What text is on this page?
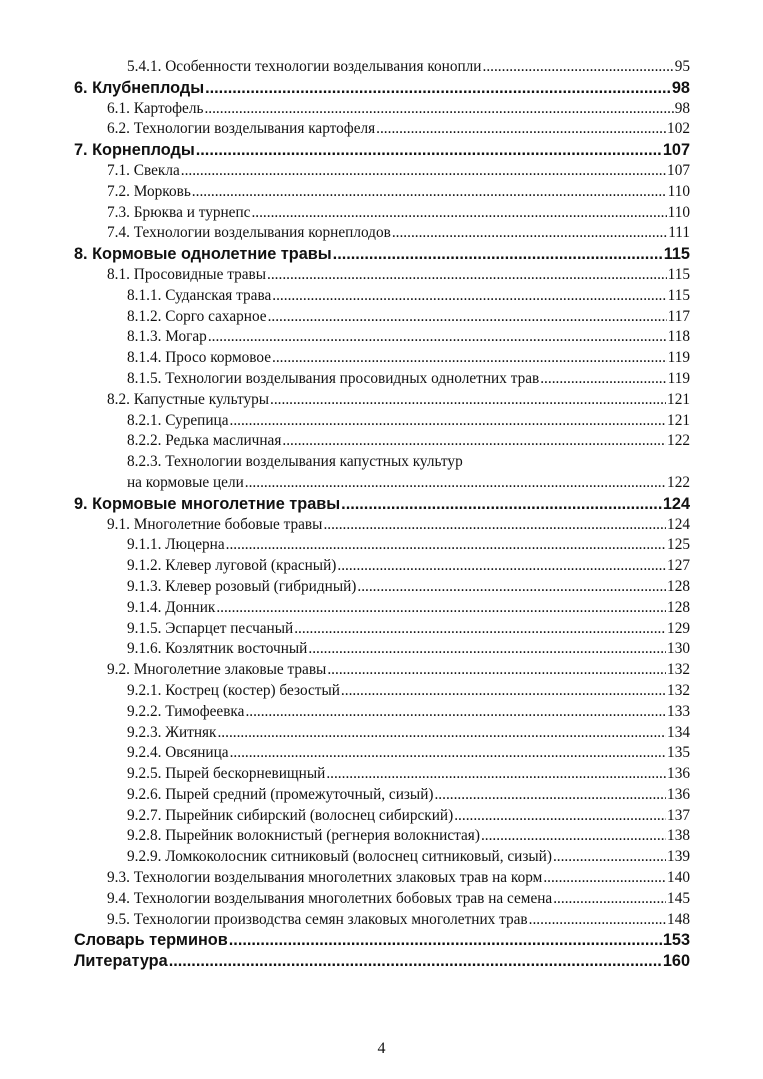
5.4.1. Особенности технологии возделывания конопли .....	95
6. Клубнеплоды .....	98
6.1. Картофель .....	98
6.2. Технологии возделывания картофеля .....	102
7. Корнеплоды .....	107
7.1. Свекла .....	107
7.2. Морковь .....	110
7.3. Брюква и турнепс .....	110
7.4. Технологии возделывания корнеплодов .....	111
8. Кормовые однолетние травы .....	115
8.1. Просовидные травы .....	115
8.1.1. Суданская трава .....	115
8.1.2. Сорго сахарное .....	117
8.1.3. Могар .....	118
8.1.4. Просо кормовое .....	119
8.1.5. Технологии возделывания просовидных однолетних трав .....	119
8.2. Капустные культуры .....	121
8.2.1. Сурепица .....	121
8.2.2. Редька масличная .....	122
8.2.3. Технологии возделывания капустных культур
на кормовые цели .....	122
9. Кормовые многолетние травы .....	124
9.1. Многолетние бобовые травы .....	124
9.1.1. Люцерна .....	125
9.1.2. Клевер луговой (красный) .....	127
9.1.3. Клевер розовый (гибридный) .....	128
9.1.4. Донник .....	128
9.1.5. Эспарцет песчаный .....	129
9.1.6. Козлятник восточный .....	130
9.2. Многолетние злаковые травы .....	132
9.2.1. Кострец (костер) безостый .....	132
9.2.2. Тимофеевка .....	133
9.2.3. Житняк .....	134
9.2.4. Овсяница .....	135
9.2.5. Пырей бескорневищный .....	136
9.2.6. Пырей средний (промежуточный, сизый) .....	136
9.2.7. Пырейник сибирский (волоснец сибирский) .....	137
9.2.8. Пырейник волокнистый (регнерия волокнистая) .....	138
9.2.9. Ломкоколосник ситниковый (волоснец ситниковый, сизый) .....	139
9.3. Технологии возделывания многолетних злаковых трав на корм .....	140
9.4. Технологии возделывания многолетних бобовых трав на семена .....	145
9.5. Технологии производства семян злаковых многолетних трав .....	148
Словарь терминов .....	153
Литература .....	160
4
